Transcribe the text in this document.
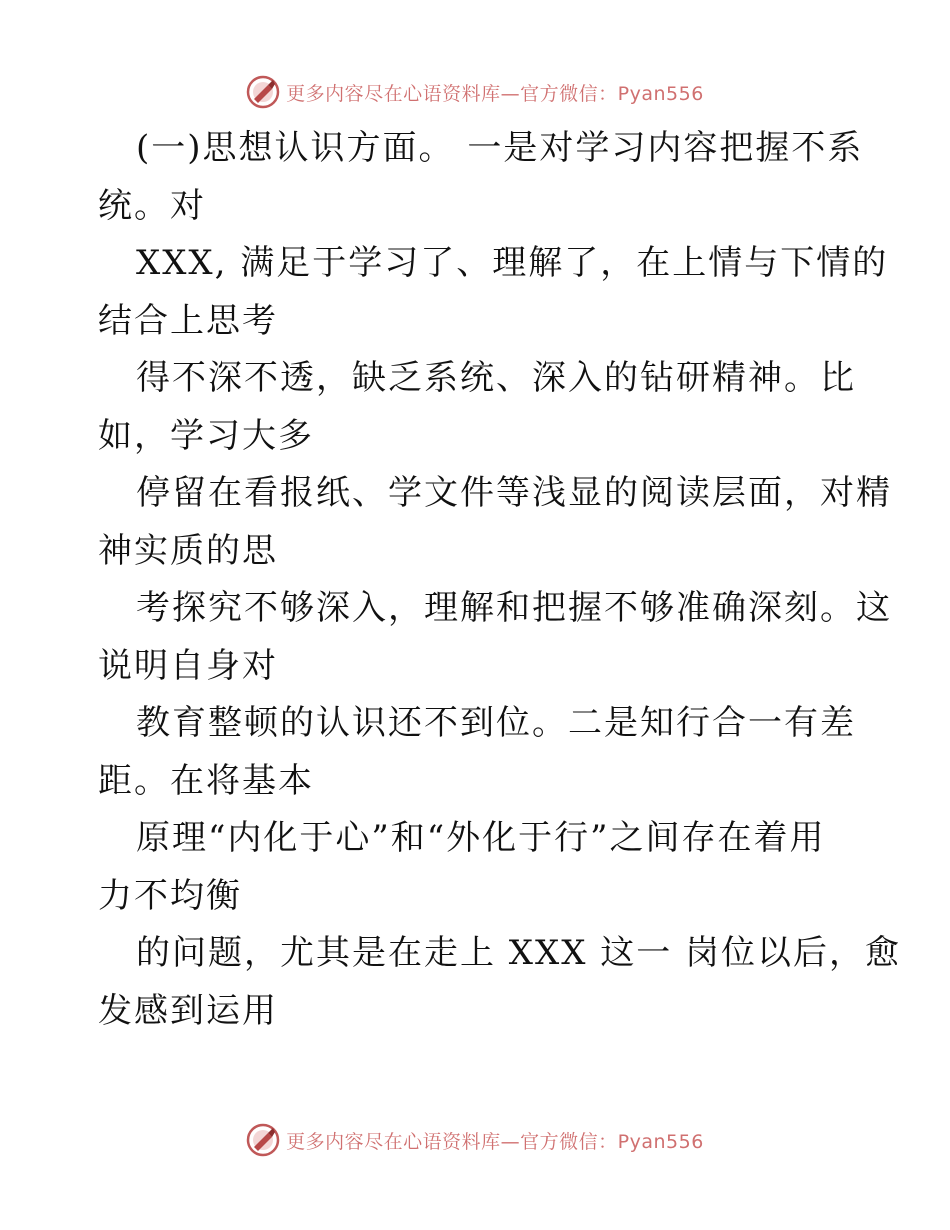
更多内容尽在心语资料库—官方微信：Pyan556
(一)思想认识方面。 一是对学习内容把握不系
统。对
XXX, 满足于学习了、理解了，在上情与下情的
结合上思考
得不深不透，缺乏系统、深入的钻研精神。比
如，学习大多
停留在看报纸、学文件等浅显的阅读层面，对精
神实质的思
考探究不够深入，理解和把握不够准确深刻。这
说明自身对
教育整顿的认识还不到位。二是知行合一有差
距。在将基本
原理“内化于心”和“外化于行”之间存在着用
力不均衡
的问题，尤其是在走上 XXX 这一 岗位以后，愈
发感到运用
更多内容尽在心语资料库—官方微信：Pyan556
